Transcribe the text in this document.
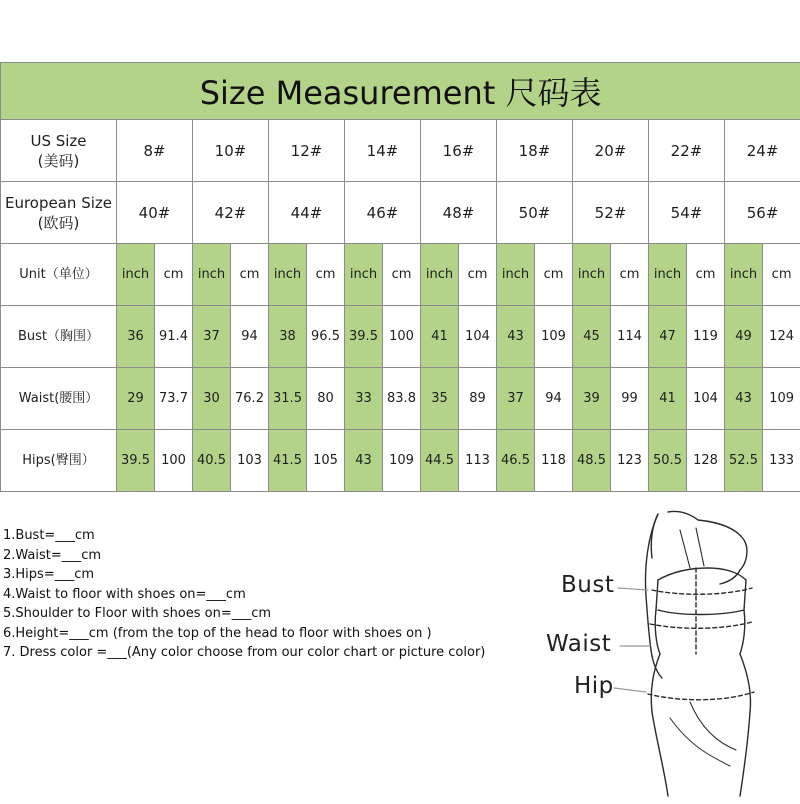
Size Measurement 尺码表																		

US Size
(美码)	8#		10#		12#		14#		16#		18#		20#		22#		24#	

European Size
(欧码)	40#		42#		44#		46#		48#		50#		52#		54#		56#	
Unit（单位）	inch	cm	inch	cm	inch	cm	inch	cm	inch	cm	inch	cm	inch	cm	inch	cm	inch	cm
Bust（胸围）	36	91.4	37	94	38	96.5	39.5	100	41	104	43	109	45	114	47	119	49	124
Waist(腰围）	29	73.7	30	76.2	31.5	80	33	83.8	35	89	37	94	39	99	41	104	43	109
Hips(臀围）	39.5	100	40.5	103	41.5	105	43	109	44.5	113	46.5	118	48.5	123	50.5	128	52.5	133
1.Bust=___cm
2.Waist=___cm
3.Hips=___cm
4.Waist to floor with shoes on=___cm
5.Shoulder to Floor with shoes on=___cm
6.Height=___cm (from the top of the head to floor with shoes on )
7. Dress color =___(Any color choose from our color chart or picture color)
Bust
Waist
Hip
